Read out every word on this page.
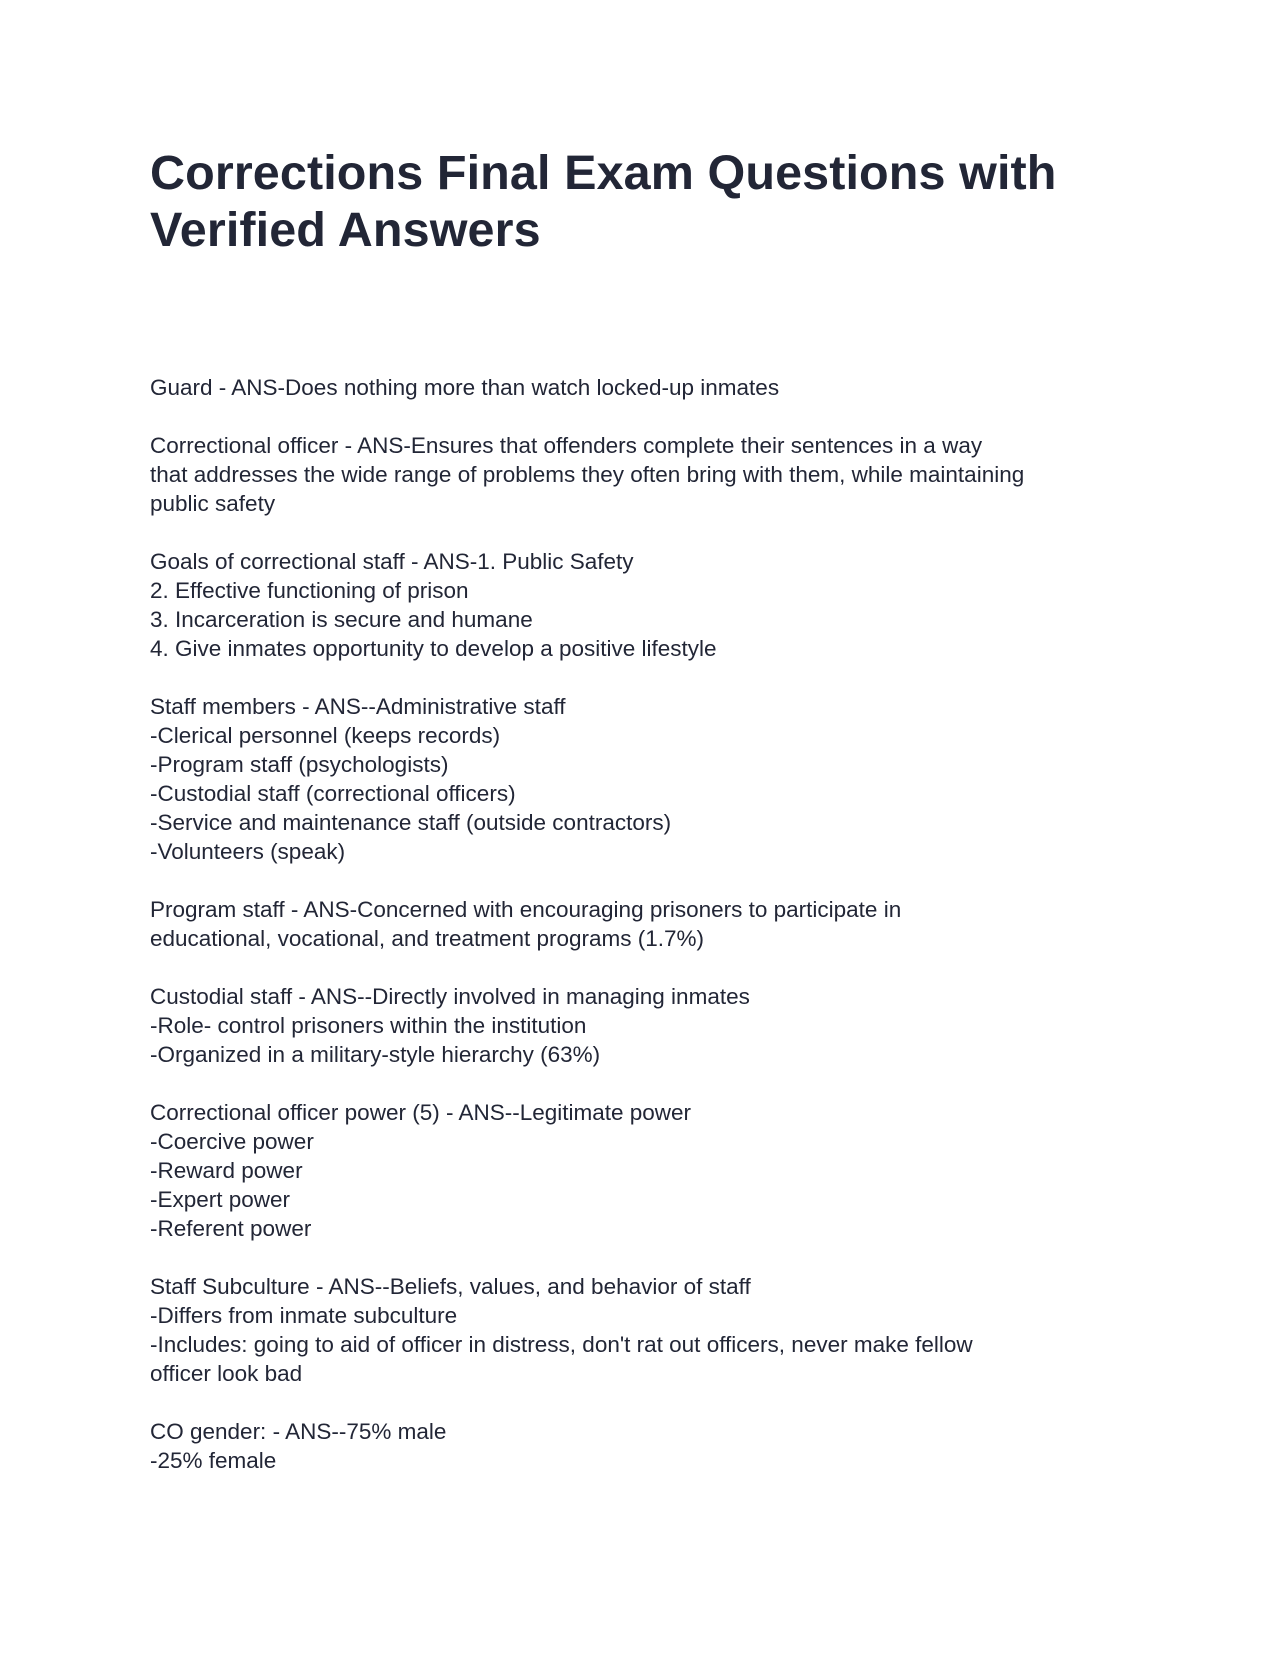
Corrections Final Exam Questions with
Verified Answers
Guard - ANS-Does nothing more than watch locked-up inmates
Correctional officer - ANS-Ensures that offenders complete their sentences in a way
that addresses the wide range of problems they often bring with them, while maintaining
public safety
Goals of correctional staff - ANS-1. Public Safety
2. Effective functioning of prison
3. Incarceration is secure and humane
4. Give inmates opportunity to develop a positive lifestyle
Staff members - ANS--Administrative staff
-Clerical personnel (keeps records)
-Program staff (psychologists)
-Custodial staff (correctional officers)
-Service and maintenance staff (outside contractors)
-Volunteers (speak)
Program staff - ANS-Concerned with encouraging prisoners to participate in
educational, vocational, and treatment programs (1.7%)
Custodial staff - ANS--Directly involved in managing inmates
-Role- control prisoners within the institution
-Organized in a military-style hierarchy (63%)
Correctional officer power (5) - ANS--Legitimate power
-Coercive power
-Reward power
-Expert power
-Referent power
Staff Subculture - ANS--Beliefs, values, and behavior of staff
-Differs from inmate subculture
-Includes: going to aid of officer in distress, don't rat out officers, never make fellow
officer look bad
CO gender: - ANS--75% male
-25% female
